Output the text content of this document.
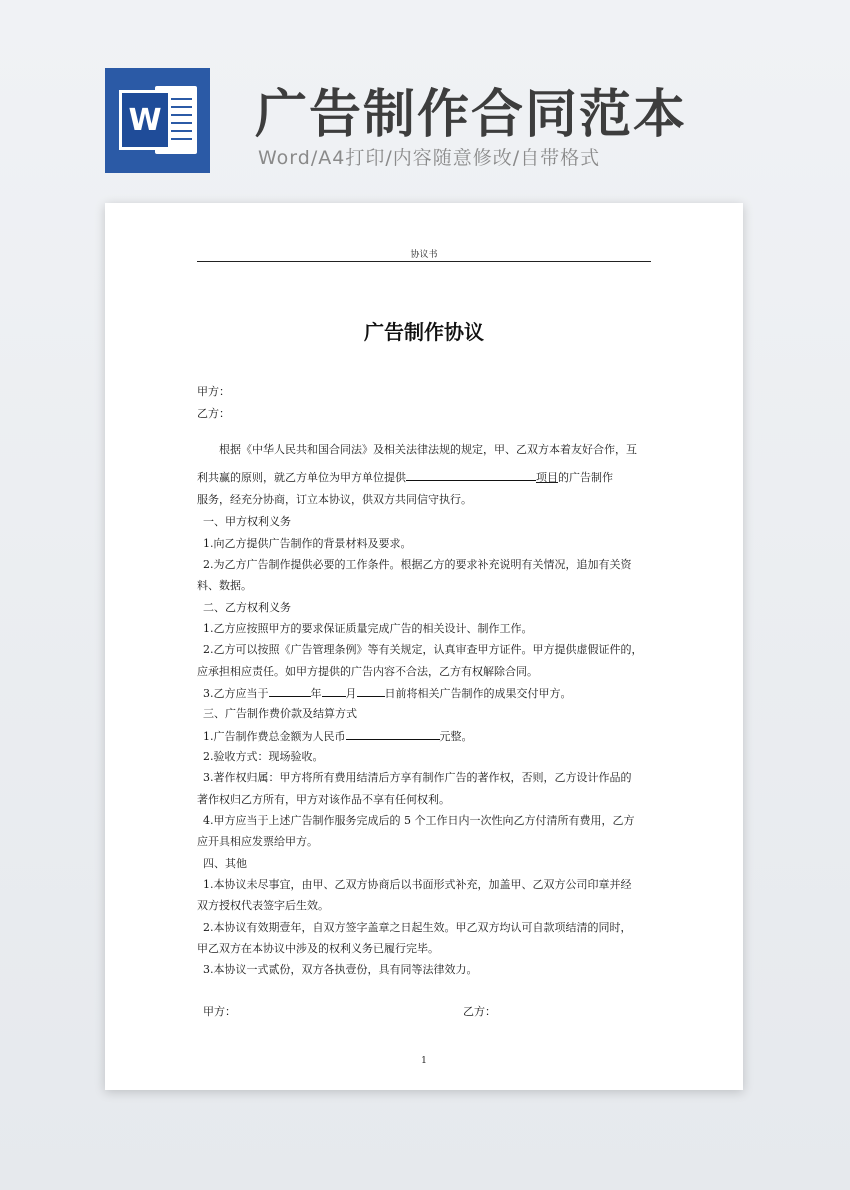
W 广告制作合同范本
Word/A4打印/内容随意修改/自带格式
协议书
广告制作协议
甲方：
乙方：
根据《中华人民共和国合同法》及相关法律法规的规定，甲、乙双方本着友好合作，互
利共赢的原则，就乙方单位为甲方单位提供	项目的广告制作
服务，经充分协商，订立本协议，供双方共同信守执行。
一、甲方权利义务
1.向乙方提供广告制作的背景材料及要求。
2.为乙方广告制作提供必要的工作条件。根据乙方的要求补充说明有关情况，追加有关资
料、数据。
二、乙方权利义务
1.乙方应按照甲方的要求保证质量完成广告的相关设计、制作工作。
2.乙方可以按照《广告管理条例》等有关规定，认真审查甲方证件。甲方提供虚假证件的，
应承担相应责任。如甲方提供的广告内容不合法，乙方有权解除合同。
3.乙方应当于	年 月	日前将相关广告制作的成果交付甲方。
三、广告制作费价款及结算方式
1.广告制作费总金额为人民币	元整。
2.验收方式：现场验收。
3.著作权归属：甲方将所有费用结清后方享有制作广告的著作权，否则，乙方设计作品的
著作权归乙方所有，甲方对该作品不享有任何权利。
4.甲方应当于上述广告制作服务完成后的 5 个工作日内一次性向乙方付清所有费用，乙方
应开具相应发票给甲方。
四、其他
1.本协议未尽事宜，由甲、乙双方协商后以书面形式补充，加盖甲、乙双方公司印章并经
双方授权代表签字后生效。
2.本协议有效期壹年，自双方签字盖章之日起生效。甲乙双方均认可自款项结清的同时，
甲乙双方在本协议中涉及的权利义务已履行完毕。
3.本协议一式贰份，双方各执壹份，具有同等法律效力。
甲方：	乙方：
1
